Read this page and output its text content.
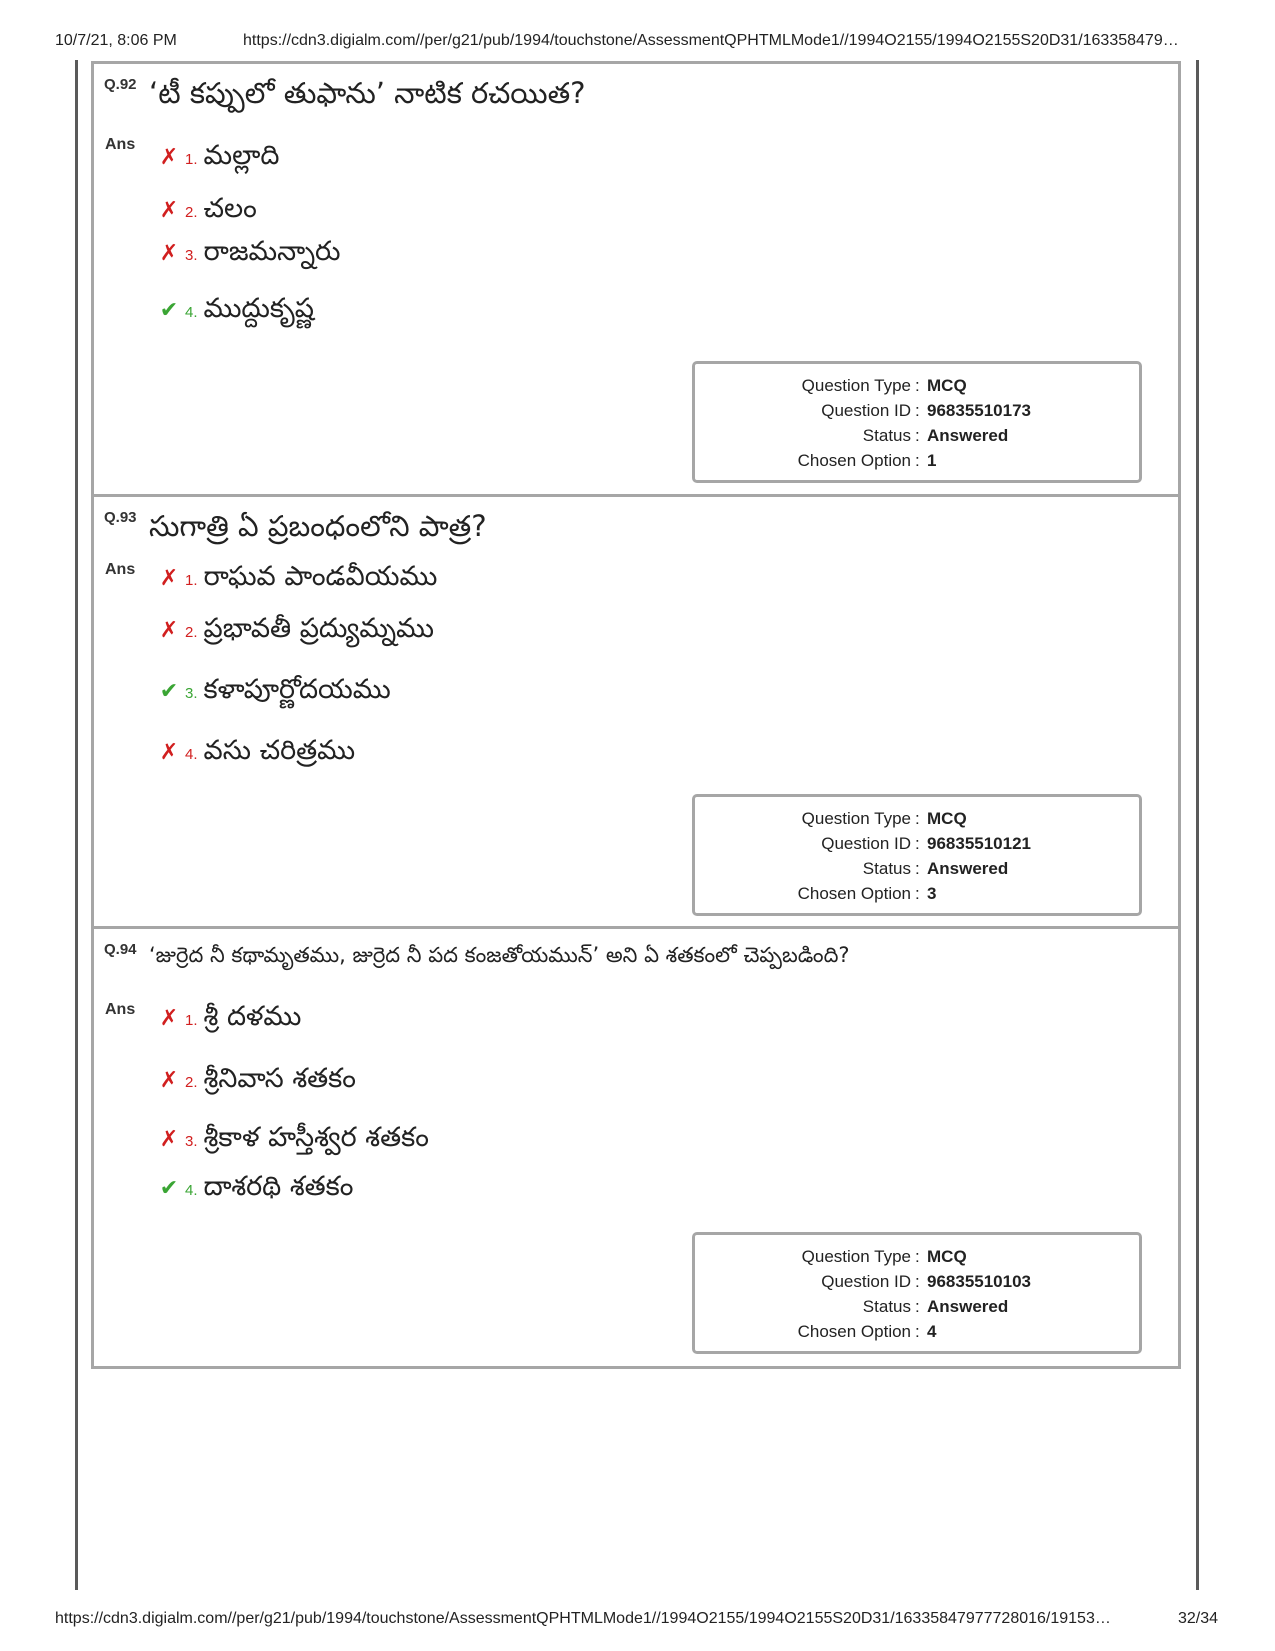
10/7/21, 8:06 PM	https://cdn3.digialm.com//per/g21/pub/1994/touchstone/AssessmentQPHTMLMode1//1994O2155/1994O2155S20D31/163358479…
Q.92 ‘టీ కప్పులో తుఫాను’ నాటిక రచయిత?
Ans ✗ 1. మల్లాది
✗ 2. చలం
✗ 3. రాజమన్నారు
✔ 4. ముద్దుకృష్ణ
Question Type : MCQ
Question ID : 96835510173
Status : Answered
Chosen Option : 1
Q.93 సుగాత్రి ఏ ప్రబంధంలోని పాత్ర?
Ans ✗ 1. రాఘవ పాండవీయము
✗ 2. ప్రభావతీ ప్రద్యుమ్నము
✔ 3. కళాపూర్ణోదయము
✗ 4. వసు చరిత్రము
Question Type : MCQ
Question ID : 96835510121
Status : Answered
Chosen Option : 3
Q.94 ‘జుర్రెద నీ కథామృతము, జుర్రెద నీ పద కంజతోయమున్’ అని ఏ శతకంలో చెప్పబడింది?
Ans ✗ 1. శ్రీ దళము
✗ 2. శ్రీనివాస శతకం
✗ 3. శ్రీకాళ హస్తీశ్వర శతకం
✔ 4. దాశరథి శతకం
Question Type : MCQ
Question ID : 96835510103
Status : Answered
Chosen Option : 4
https://cdn3.digialm.com//per/g21/pub/1994/touchstone/AssessmentQPHTMLMode1//1994O2155/1994O2155S20D31/16335847977728016/19153…	32/34
